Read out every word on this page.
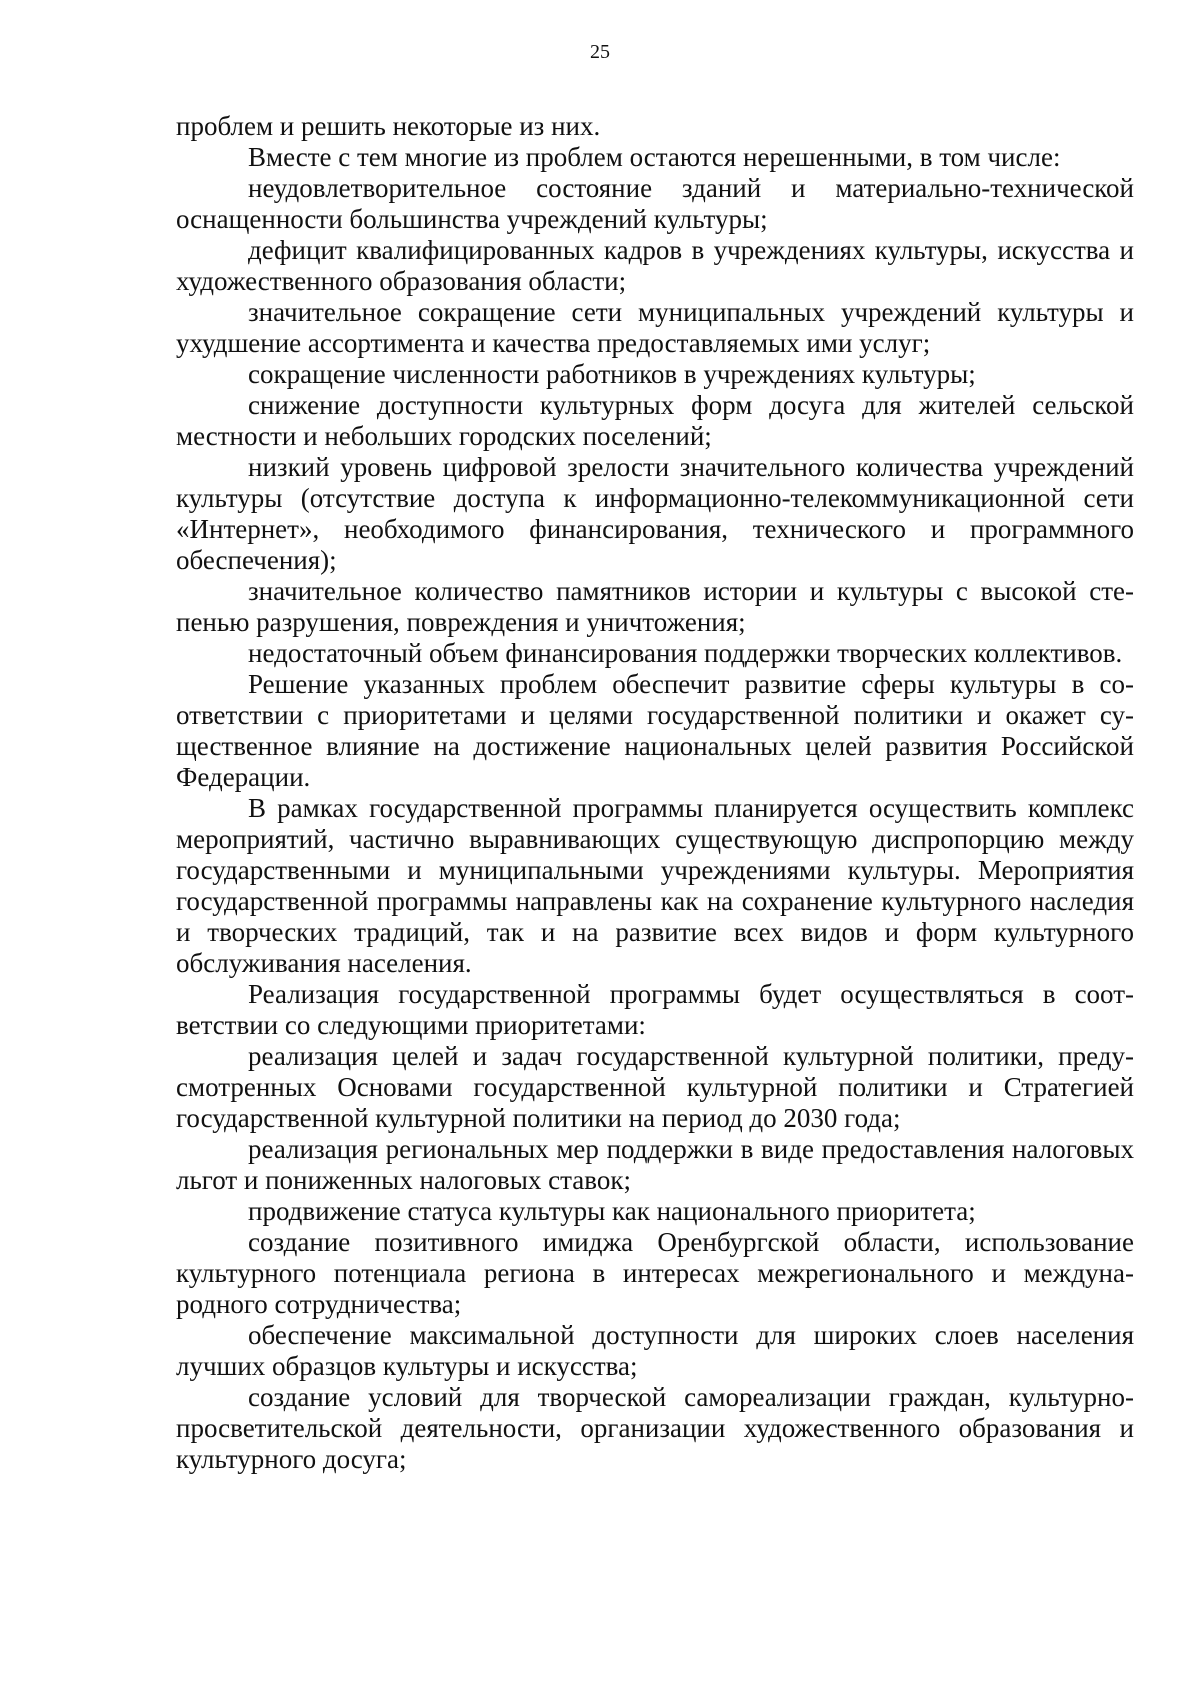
25

проблем и решить некоторые из них.

Вместе с тем многие из проблем остаются нерешенными, в том числе:

неудовлетворительное состояние зданий и материально-технической оснащенности большинства учреждений культуры;

дефицит квалифицированных кадров в учреждениях культуры, искусства и художественного образования области;

значительное сокращение сети муниципальных учреждений культуры и ухудшение ассортимента и качества предоставляемых ими услуг;

сокращение численности работников в учреждениях культуры;

снижение доступности культурных форм досуга для жителей сельской местности и небольших городских поселений;

низкий уровень цифровой зрелости значительного количества учреждений культуры (отсутствие доступа к информационно-телекоммуникационной сети «Интернет», необходимого финансирования, технического и программного обеспечения);

значительное количество памятников истории и культуры с высокой степенью разрушения, повреждения и уничтожения;

недостаточный объем финансирования поддержки творческих коллективов.

Решение указанных проблем обеспечит развитие сферы культуры в соответствии с приоритетами и целями государственной политики и окажет существенное влияние на достижение национальных целей развития Российской Федерации.

В рамках государственной программы планируется осуществить комплекс мероприятий, частично выравнивающих существующую диспропорцию между государственными и муниципальными учреждениями культуры. Мероприятия государственной программы направлены как на сохранение культурного наследия и творческих традиций, так и на развитие всех видов и форм культурного обслуживания населения.

Реализация государственной программы будет осуществляться в соответствии со следующими приоритетами:

реализация целей и задач государственной культурной политики, предусмотренных Основами государственной культурной политики и Стратегией государственной культурной политики на период до 2030 года;

реализация региональных мер поддержки в виде предоставления налоговых льгот и пониженных налоговых ставок;

продвижение статуса культуры как национального приоритета;

создание позитивного имиджа Оренбургской области, использование культурного потенциала региона в интересах межрегионального и международного сотрудничества;

обеспечение максимальной доступности для широких слоев населения лучших образцов культуры и искусства;

создание условий для творческой самореализации граждан, культурно-просветительской деятельности, организации художественного образования и культурного досуга;
